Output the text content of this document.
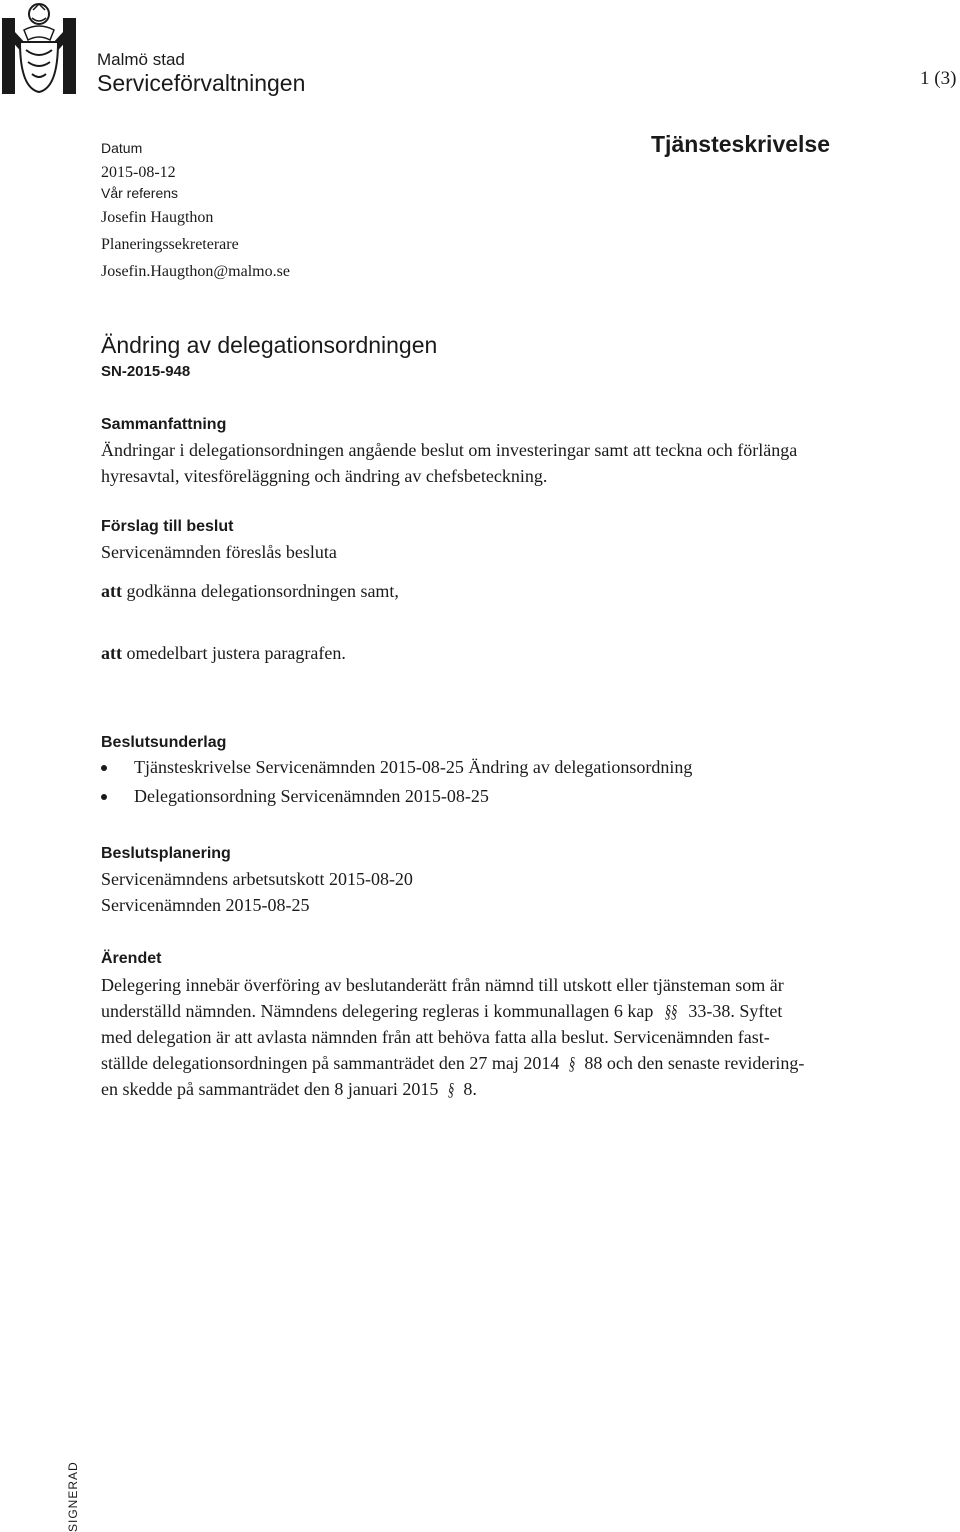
Malmö stad
Serviceförvaltningen	1 (3)
Datum
2015-08-12
Vår referens
Josefin Haugthon
Planeringssekreterare
Josefin.Haugthon@malmo.se
Tjänsteskrivelse
Ändring av delegationsordningen
SN-2015-948
Sammanfattning
Ändringar i delegationsordningen angående beslut om investeringar samt att teckna och förlänga
hyresavtal, vitesföreläggning och ändring av chefsbeteckning.
Förslag till beslut
Servicenämnden föreslås besluta
att godkänna delegationsordningen samt,
att omedelbart justera paragrafen.
Beslutsunderlag
Tjänsteskrivelse Servicenämnden 2015-08-25 Ändring av delegationsordning
Delegationsordning Servicenämnden 2015-08-25
Beslutsplanering
Servicenämndens arbetsutskott 2015-08-20
Servicenämnden 2015-08-25
Ärendet
Delegering innebär överföring av beslutanderätt från nämnd till utskott eller tjänsteman som är
underställd nämnden. Nämndens delegering regleras i kommunallagen 6 kap §§ 33-38. Syftet
med delegation är att avlasta nämnden från att behöva fatta alla beslut. Servicenämnden fast-
ställde delegationsordningen på sammanträdet den 27 maj 2014 § 88 och den senaste revidering-
en skedde på sammanträdet den 8 januari 2015 § 8.
SIGNERAD
